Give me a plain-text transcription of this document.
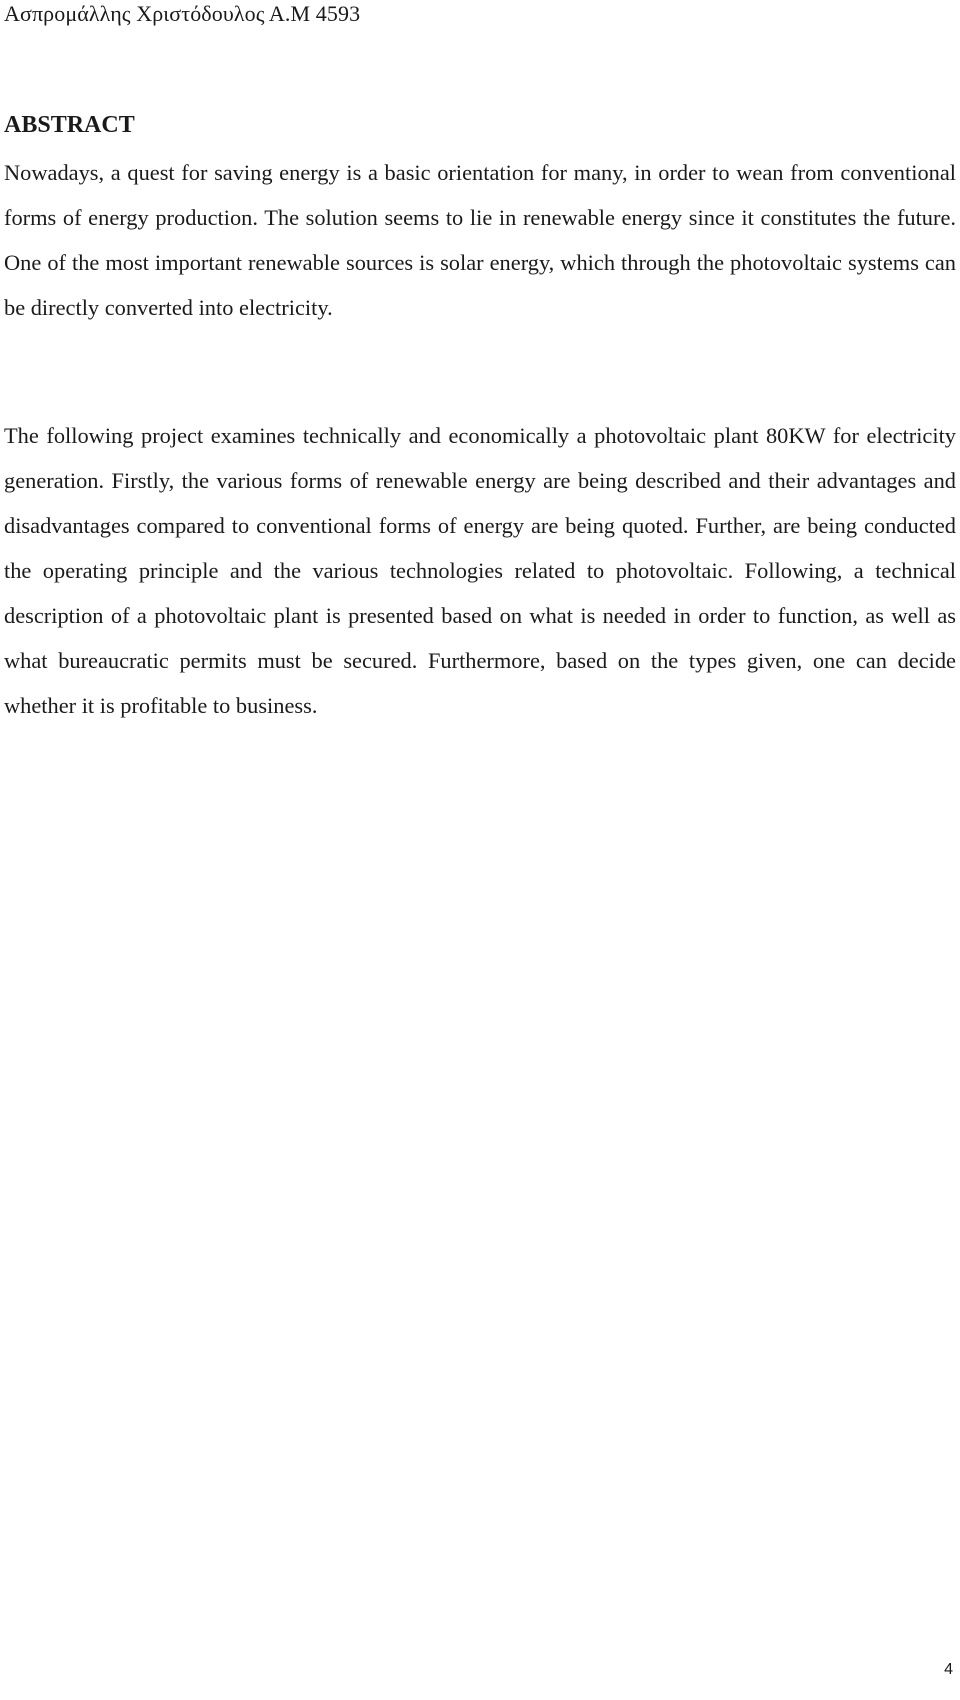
Ασπρομάλλης Χριστόδουλος Α.Μ 4593
ABSTRACT

Nowadays, a quest for saving energy is a basic orientation for many, in order to wean from conventional forms of energy production. The solution seems to lie in renewable energy since it constitutes the future. One of the most important renewable sources is solar energy, which through the photovoltaic systems can be directly converted into electricity.

The following project examines technically and economically a photovoltaic plant 80KW for electricity generation. Firstly, the various forms of renewable energy are being described and their advantages and disadvantages compared to conventional forms of energy are being quoted. Further, are being conducted the operating principle and the various technologies related to photovoltaic. Following, a technical description of a photovoltaic plant is presented based on what is needed in order to function, as well as what bureaucratic permits must be secured. Furthermore, based on the types given, one can decide whether it is profitable to business.

4
